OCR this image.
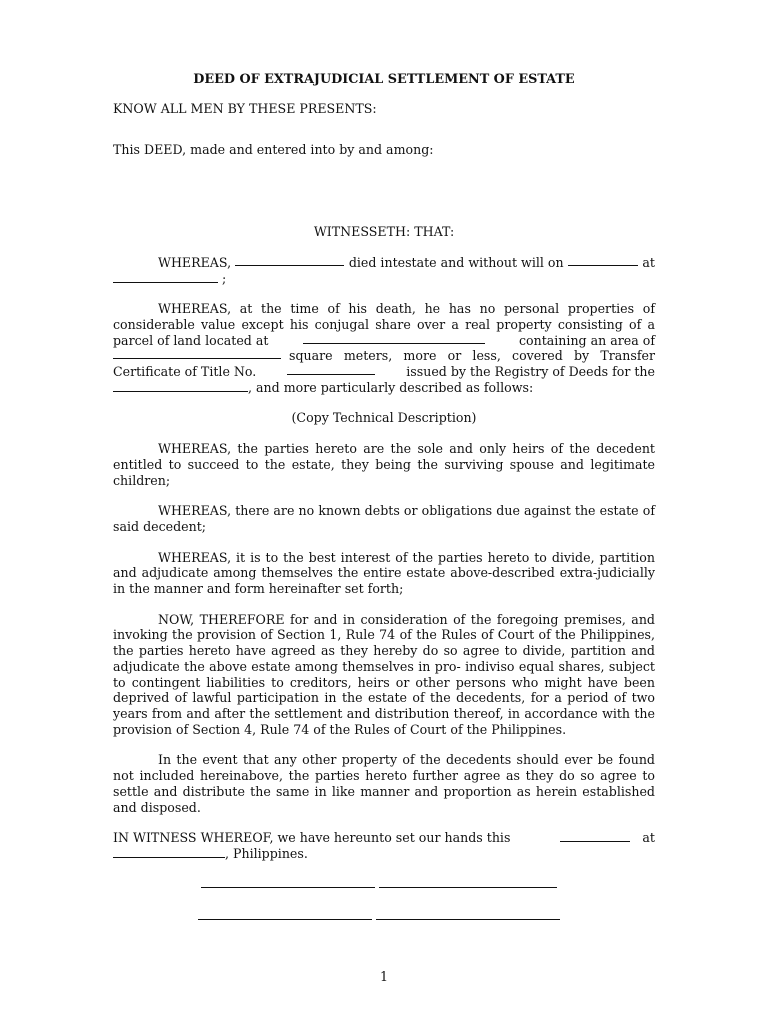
DEED OF EXTRAJUDICIAL SETTLEMENT OF ESTATE

KNOW ALL MEN BY THESE PRESENTS:

This DEED, made and entered into by and among:

WITNESSETH: THAT:

WHEREAS,	died intestate and without will on	at
;
WHEREAS, at the time of his death, he has no personal properties of
considerable value except his conjugal share over a real property consisting of a
parcel of land located at	containing an area of
square meters, more or less, covered by Transfer
Certificate of Title No.	issued by the Registry of Deeds for the
, and more particularly described as follows:

(Copy Technical Description)

WHEREAS, the parties hereto are the sole and only heirs of the decedent entitled to succeed to the estate, they being the surviving spouse and legitimate children;

WHEREAS, there are no known debts or obligations due against the estate of said decedent;

WHEREAS, it is to the best interest of the parties hereto to divide, partition and adjudicate among themselves the entire estate above-described extra-judicially in the manner and form hereinafter set forth;

NOW, THEREFORE for and in consideration of the foregoing premises, and invoking the provision of Section 1, Rule 74 of the Rules of Court of the Philippines, the parties hereto have agreed as they hereby do so agree to divide, partition and adjudicate the above estate among themselves in pro- indiviso equal shares, subject to contingent liabilities to creditors, heirs or other persons who might have been deprived of lawful participation in the estate of the decedents, for a period of two years from and after the settlement and distribution thereof, in accordance with the provision of Section 4, Rule 74 of the Rules of Court of the Philippines.

In the event that any other property of the decedents should ever be found not included hereinabove, the parties hereto further agree as they do so agree to settle and distribute the same in like manner and proportion as herein established and disposed.

IN WITNESS WHEREOF, we have hereunto set our hands this	at
, Philippines.
1
